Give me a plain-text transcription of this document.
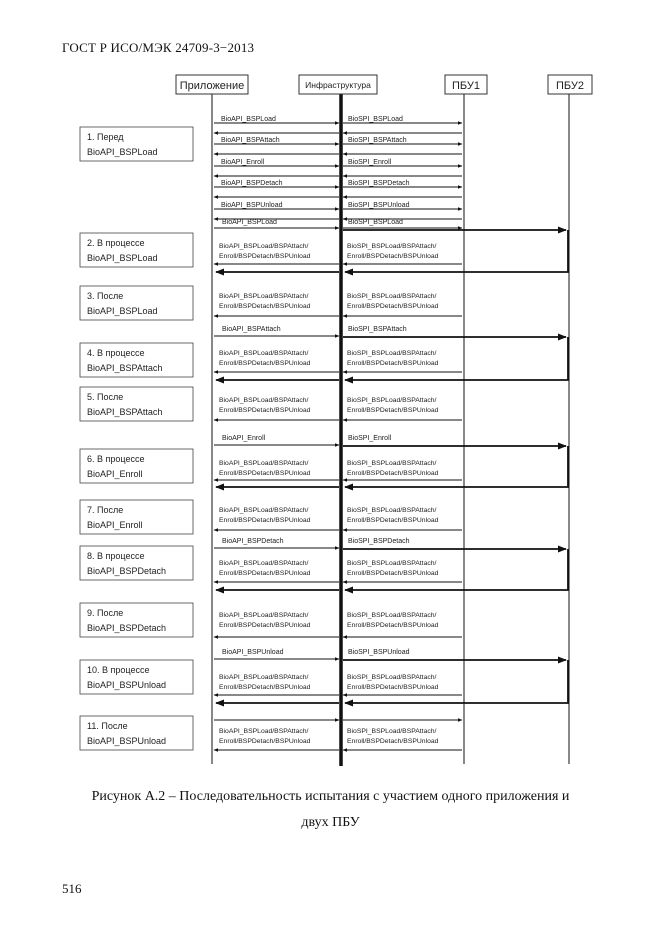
ГОСТ Р ИСО/МЭК 24709-3−2013
Приложение	Инфраструктура	ПБУ1	ПБУ2
1. Перед
BioAPI_BSPLoad
2. В процессе
BioAPI_BSPLoad
3. После
BioAPI_BSPLoad
4. В процессе
BioAPI_BSPAttach
5. После
BioAPI_BSPAttach
6. В процессе
BioAPI_Enroll
7. После
BioAPI_Enroll
8. В процессе
BioAPI_BSPDetach
9. После
BioAPI_BSPDetach
10. В процессе
BioAPI_BSPUnload
11. После
BioAPI_BSPUnload
BioAPI_BSPLoad	BioSPI_BSPLoad
BioAPI_BSPAttach	BioSPI_BSPAttach
BioAPI_Enroll	BioSPI_Enroll
BioAPI_BSPDetach	BioSPI_BSPDetach
BioAPI_BSPUnload	BioSPI_BSPUnload
BioAPI_BSPLoad	BioSPI_BSPLoad
BioAPI_BSPLoad/BSPAttach/
Enroll/BSPDetach/BSPUnload
BioSPI_BSPLoad/BSPAttach/
Enroll/BSPDetach/BSPUnload
BioAPI_BSPLoad/BSPAttach/
Enroll/BSPDetach/BSPUnload
BioSPI_BSPLoad/BSPAttach/
Enroll/BSPDetach/BSPUnload
BioAPI_BSPAttach	BioSPI_BSPAttach
BioAPI_BSPLoad/BSPAttach/
Enroll/BSPDetach/BSPUnload
BioSPI_BSPLoad/BSPAttach/
Enroll/BSPDetach/BSPUnload
BioAPI_BSPLoad/BSPAttach/
Enroll/BSPDetach/BSPUnload
BioSPI_BSPLoad/BSPAttach/
Enroll/BSPDetach/BSPUnload
BioAPI_Enroll	BioSPI_Enroll
BioAPI_BSPLoad/BSPAttach/
Enroll/BSPDetach/BSPUnload
BioSPI_BSPLoad/BSPAttach/
Enroll/BSPDetach/BSPUnload
BioAPI_BSPLoad/BSPAttach/
Enroll/BSPDetach/BSPUnload
BioSPI_BSPLoad/BSPAttach/
Enroll/BSPDetach/BSPUnload
BioAPI_BSPDetach	BioSPI_BSPDetach
BioAPI_BSPLoad/BSPAttach/
Enroll/BSPDetach/BSPUnload
BioSPI_BSPLoad/BSPAttach/
Enroll/BSPDetach/BSPUnload
BioAPI_BSPLoad/BSPAttach/
Enroll/BSPDetach/BSPUnload
BioSPI_BSPLoad/BSPAttach/
Enroll/BSPDetach/BSPUnload
BioAPI_BSPUnload	BioSPI_BSPUnload
BioAPI_BSPLoad/BSPAttach/
Enroll/BSPDetach/BSPUnload
BioSPI_BSPLoad/BSPAttach/
Enroll/BSPDetach/BSPUnload
BioAPI_BSPLoad/BSPAttach/
Enroll/BSPDetach/BSPUnload
BioSPI_BSPLoad/BSPAttach/
Enroll/BSPDetach/BSPUnload
Рисунок А.2 – Последовательность испытания с участием одного приложения и
двух ПБУ
516
